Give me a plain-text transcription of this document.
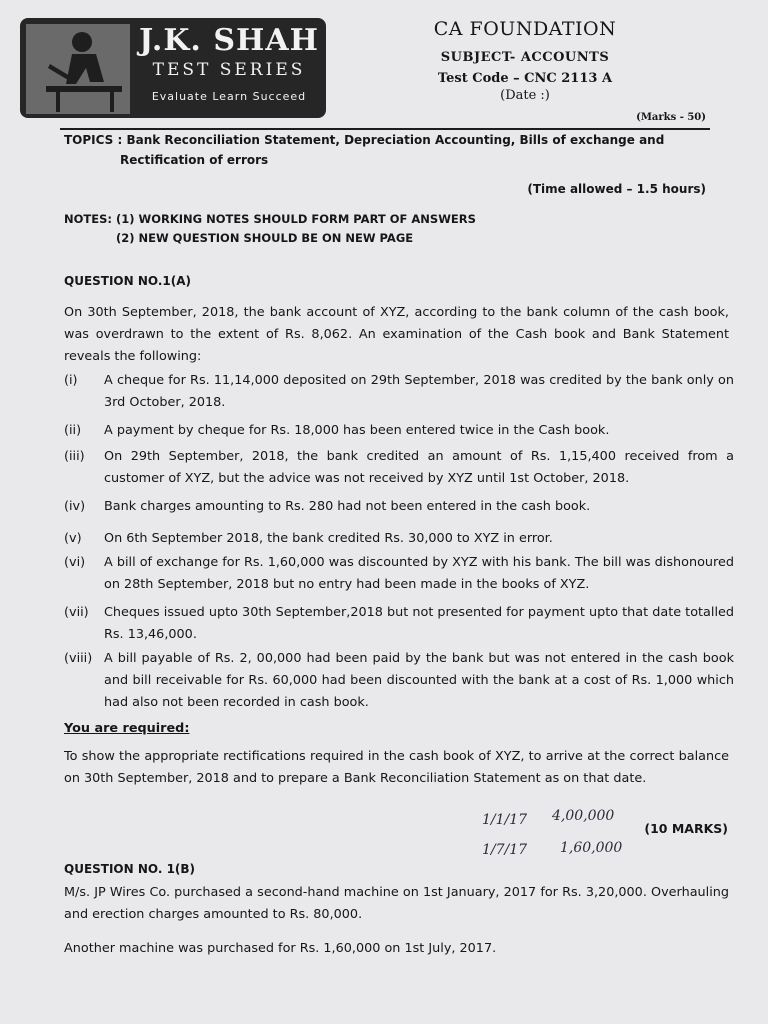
J.K. SHAH
TEST SERIES
Evaluate Learn Succeed
CA FOUNDATION
SUBJECT- ACCOUNTS
Test Code – CNC 2113 A
(Date :)
(Marks - 50)
TOPICS : Bank Reconciliation Statement, Depreciation Accounting, Bills of exchange and
Rectification of errors
(Time allowed – 1.5 hours)
NOTES: (1) WORKING NOTES SHOULD FORM PART OF ANSWERS
(2) NEW QUESTION SHOULD BE ON NEW PAGE
QUESTION NO.1(A)
On 30th September, 2018, the bank account of XYZ, according to the bank column of the cash book, was overdrawn to the extent of Rs. 8,062. An examination of the Cash book and Bank Statement reveals the following:
(i)	A cheque for Rs. 11,14,000 deposited on 29th September, 2018 was credited by the bank only on 3rd October, 2018.
(ii)	A payment by cheque for Rs. 18,000 has been entered twice in the Cash book.
(iii)	On 29th September, 2018, the bank credited an amount of Rs. 1,15,400 received from a customer of XYZ, but the advice was not received by XYZ until 1st October, 2018.
(iv)	Bank charges amounting to Rs. 280 had not been entered in the cash book.
(v)	On 6th September 2018, the bank credited Rs. 30,000 to XYZ in error.
(vi)	A bill of exchange for Rs. 1,60,000 was discounted by XYZ with his bank. The bill was dishonoured on 28th September, 2018 but no entry had been made in the books of XYZ.
(vii)	Cheques issued upto 30th September,2018 but not presented for payment upto that date totalled Rs. 13,46,000.
(viii) A bill payable of Rs. 2, 00,000 had been paid by the bank but was not entered in the cash book and bill receivable for Rs. 60,000 had been discounted with the bank at a cost of Rs. 1,000 which had also not been recorded in cash book.
You are required:
To show the appropriate rectifications required in the cash book of XYZ, to arrive at the correct balance on 30th September, 2018 and to prepare a Bank Reconciliation Statement as on that date.
(10 MARKS)
1/1/17 4,00,000
1/7/17 1,60,000
QUESTION NO. 1(B)
M/s. JP Wires Co. purchased a second-hand machine on 1st January, 2017 for Rs. 3,20,000. Overhauling and erection charges amounted to Rs. 80,000.
Another machine was purchased for Rs. 1,60,000 on 1st July, 2017.
